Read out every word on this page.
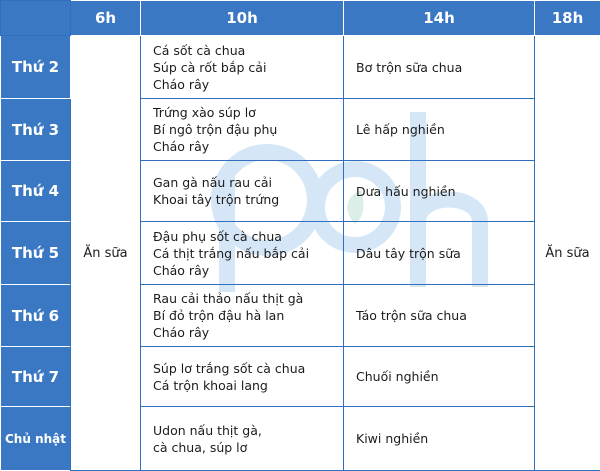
	6h	10h	14h	18h
Thứ 2	Ăn sữa	Cá sốt cà chua
Súp cà rốt bắp cải
Cháo rây	Bơ trộn sữa chua	Ăn sữa
Thứ 3		Trứng xào súp lơ
Bí ngô trộn đậu phụ
Cháo rây	Lê hấp nghiền	
Thứ 4		Gan gà nấu rau cải
Khoai tây trộn trứng	Dưa hấu nghiền	
Thứ 5		Đậu phụ sốt cà chua
Cá thịt trắng nấu bắp cải
Cháo rây	Dâu tây trộn sữa	
Thứ 6		Rau cải thảo nấu thịt gà
Bí đỏ trộn đậu hà lan
Cháo rây	Táo trộn sữa chua	
Thứ 7		Súp lơ trắng sốt cà chua
Cá trộn khoai lang	Chuối nghiền	
Chủ nhật		Udon nấu thịt gà,
cà chua, súp lơ	Kiwi nghiền	
